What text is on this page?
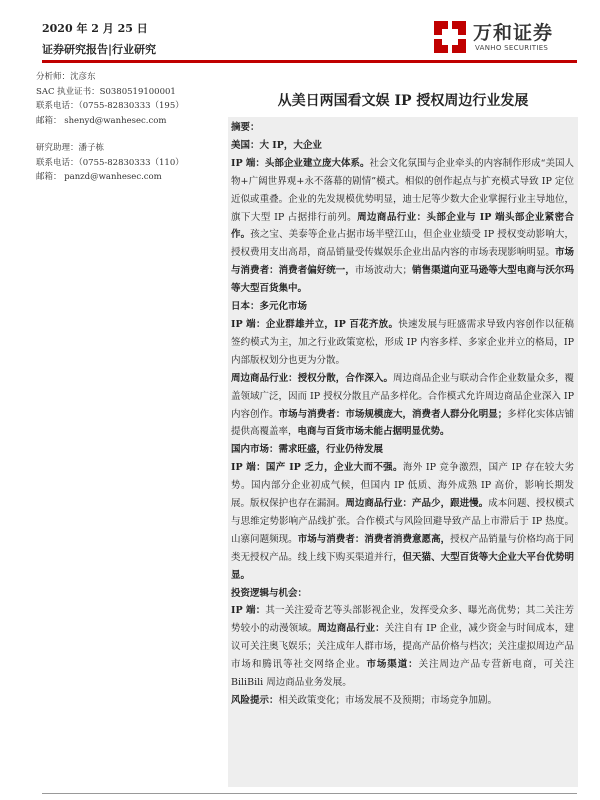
2020 年 2 月 25 日
证券研究报告|行业研究
万和证券
VANHO SECURITIES
分析师：沈彦东
SAC 执业证书：S0380519100001
联系电话：（0755-82830333（195）
邮箱： shenyd@wanhesec.com
研究助理：潘子栋
联系电话：（0755-82830333（110）
邮箱： panzd@wanhesec.com
从美日两国看文娱 IP 授权周边行业发展

摘要：

美国：大 IP，大企业

IP 端：头部企业建立庞大体系。社会文化氛围与企业牵头的内容制作形成“美国人物+广阔世界观+永不落幕的剧情”模式。相似的创作起点与扩充模式导致 IP 定位近似或重叠。企业的先发规模优势明显，迪士尼等少数大企业掌握行业主导地位，旗下大型 IP 占据排行前列。周边商品行业：头部企业与 IP 端头部企业紧密合作。孩之宝、美泰等企业占据市场半壁江山，但企业业绩受 IP 授权变动影响大，授权费用支出高昂，商品销量受传媒娱乐企业出品内容的市场表现影响明显。市场与消费者：消费者偏好统一，市场波动大；销售渠道向亚马逊等大型电商与沃尔玛等大型百货集中。

日本：多元化市场

IP 端：企业群雄并立，IP 百花齐放。快速发展与旺盛需求导致内容创作以征稿签约模式为主，加之行业政策宽松，形成 IP 内容多样、多家企业并立的格局，IP 内部版权划分也更为分散。

周边商品行业：授权分散，合作深入。周边商品企业与联动合作企业数量众多，覆盖领域广泛，因而 IP 授权分散且产品多样化。合作模式允许周边商品企业深入 IP 内容创作。市场与消费者：市场规模庞大，消费者人群分化明显；多样化实体店铺提供高覆盖率，电商与百货市场未能占据明显优势。

国内市场：需求旺盛，行业仍待发展

IP 端：国产 IP 乏力，企业大而不强。海外 IP 竞争激烈，国产 IP 存在较大劣势。国内部分企业初成气候，但国内 IP 低质、海外成熟 IP 高价，影响长期发展。版权保护也存在漏洞。周边商品行业：产品少，跟进慢。成本问题、授权模式与思维定势影响产品线扩张。合作模式与风险回避导致产品上市滞后于 IP 热度。山寨问题频现。市场与消费者：消费者消费意愿高，授权产品销量与价格均高于同类无授权产品。线上线下购买渠道并行，但天猫、大型百货等大企业大平台优势明显。

投资逻辑与机会：

IP 端：其一关注爱奇艺等头部影视企业，发挥受众多、曝光高优势；其二关注芳势较小的动漫领域。周边商品行业：关注自有 IP 企业，减少资金与时间成本，建议可关注奥飞娱乐；关注成年人群市场，提高产品价格与档次；关注虚拟周边产品市场和腾讯等社交网络企业。市场渠道：关注周边产品专营新电商，可关注 BiliBili 周边商品业务发展。

风险提示：相关政策变化；市场发展不及预期；市场竞争加剧。
